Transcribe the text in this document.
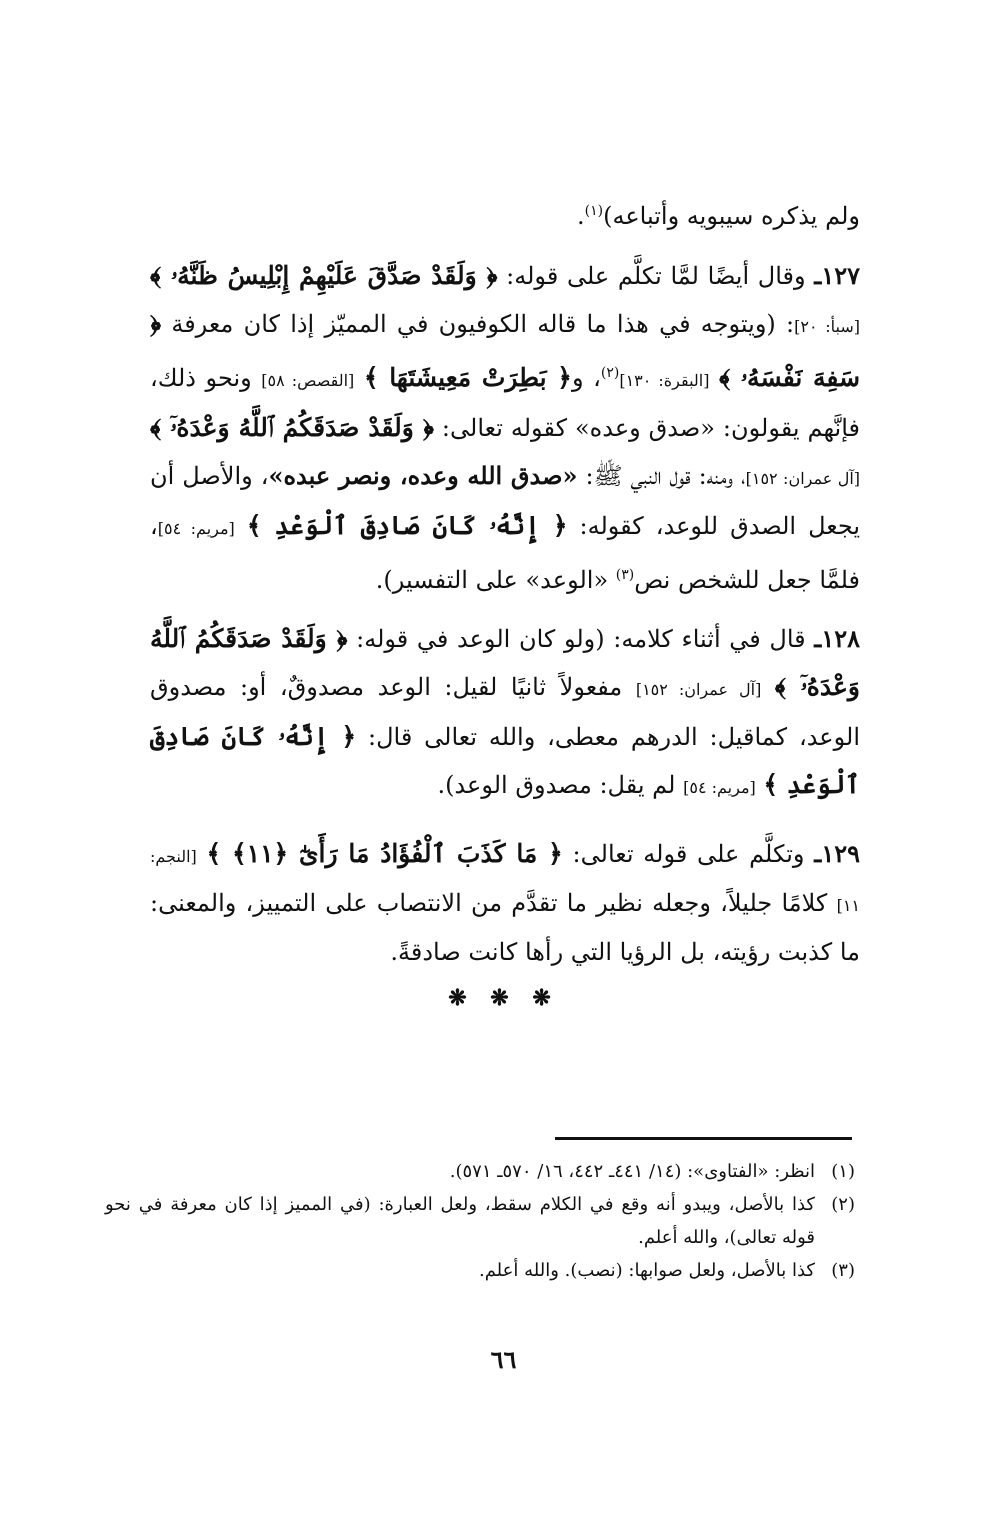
ولم يذكره سيبويه وأتباعه)$^{(١)}$.

١٢٧ـ وقال أيضًا لمَّا تكلَّم على قوله: ﴿ وَلَقَدْ صَدَّقَ عَلَيْهِمْ إِبْلِيسُ ظَنَّهُۥ ﴾ [سبأ: ٢٠]: (ويتوجه في هذا ما قاله الكوفيون في المميّز إذا كان معرفة ﴿ سَفِهَ نَفْسَهُۥ ﴾ [البقرة: ١٣٠]$^{(٢)}$، و﴿ بَطِرَتْ مَعِيشَتَهَا ﴾ [القصص: ٥٨] ونحو ذلك، فإنَّهم يقولون: «صدق وعده» كقوله تعالى: ﴿ وَلَقَدْ صَدَقَكُمُ ٱللَّهُ وَعْدَهُۥٓ ﴾ [آل عمران: ١٥٢]، ومنه: قول النبي ﷺ: «صدق الله وعده، ونصر عبده»، والأصل أن يجعل الصدق للوعد، كقوله: ﴿ إِنَّهُۥ كَانَ صَادِقَ ٱلْوَعْدِ ﴾ [مريم: ٥٤]، فلمَّا جعل للشخص نص$^{(٣)}$ «الوعد» على التفسير).

١٢٨ـ قال في أثناء كلامه: (ولو كان الوعد في قوله: ﴿ وَلَقَدْ صَدَقَكُمُ ٱللَّهُ وَعْدَهُۥٓ ﴾ [آل عمران: ١٥٢] مفعولاً ثانيًا لقيل: الوعد مصدوقٌ، أو: مصدوق الوعد، كماقيل: الدرهم معطى، والله تعالى قال: ﴿ إِنَّهُۥ كَانَ صَادِقَ ٱلْوَعْدِ ﴾ [مريم: ٥٤] لم يقل: مصدوق الوعد).

١٢٩ـ وتكلَّم على قوله تعالى: ﴿ مَا كَذَبَ ٱلْفُؤَادُ مَا رَأَىٰٓ ﴿١١﴾ ﴾ [النجم: ١١] كلامًا جليلاً، وجعله نظير ما تقدَّم من الانتصاب على التمييز، والمعنى: ما كذبت رؤيته، بل الرؤيا التي رأها كانت صادقةً.

❋ ❋ ❋

(١)
انظر: «الفتاوى»: (١٤/ ٤٤١ـ ٤٤٢، ١٦/ ٥٧٠ـ ٥٧١).

(٢)
كذا بالأصل، ويبدو أنه وقع في الكلام سقط، ولعل العبارة: (في المميز إذا كان معرفة في نحو قوله تعالى)، والله أعلم.

(٣)
كذا بالأصل، ولعل صوابها: (نصب). والله أعلم.

٦٦
